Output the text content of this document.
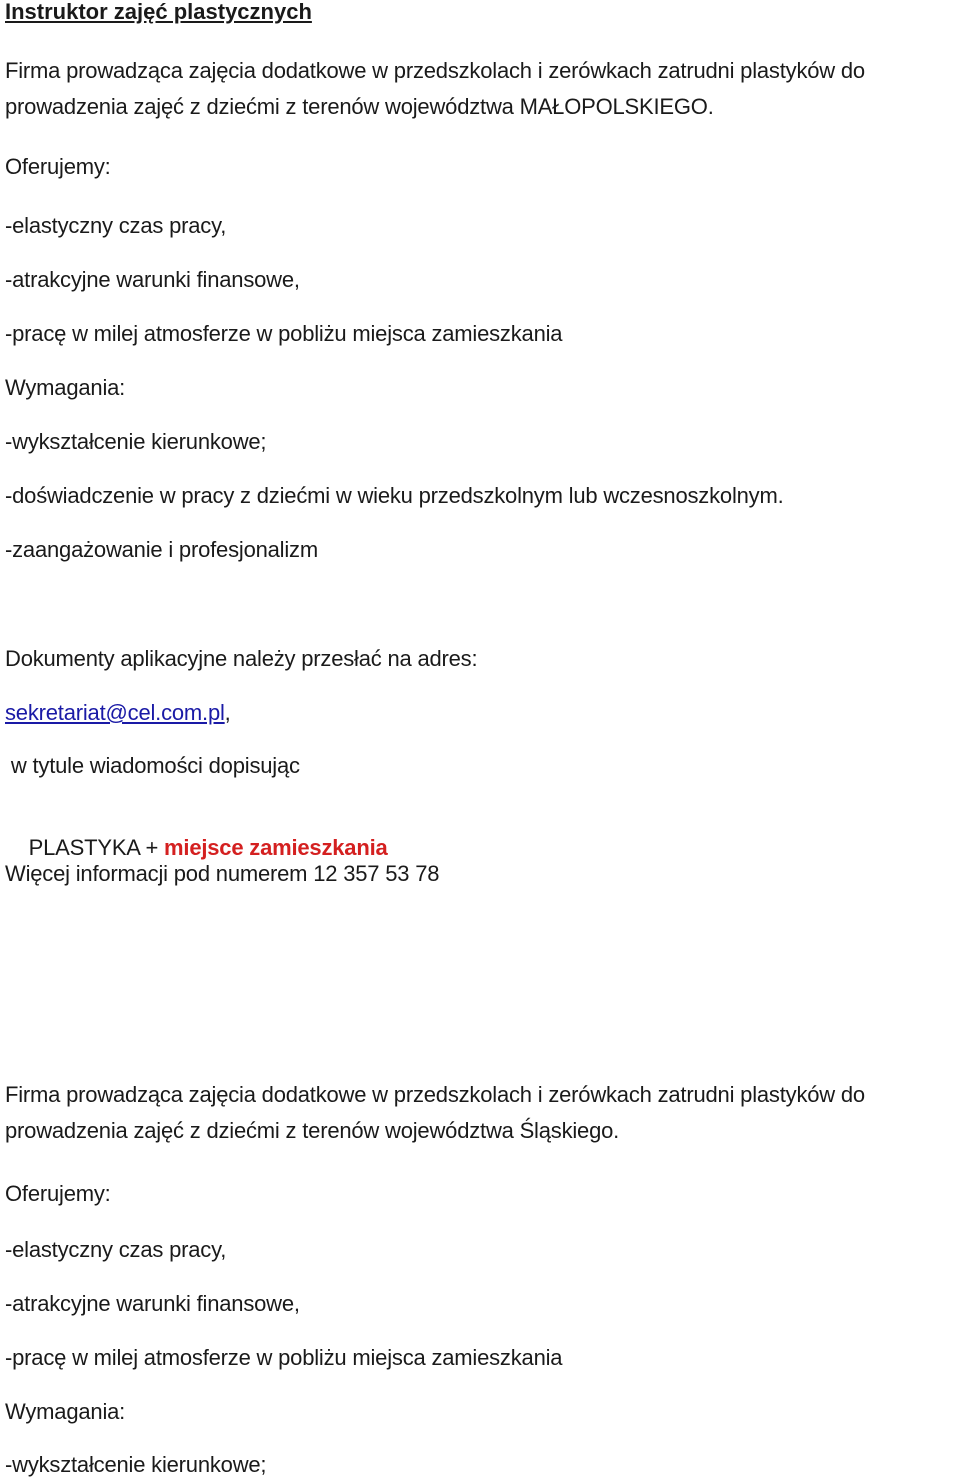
Instruktor zajęć plastycznych
Firma prowadząca zajęcia dodatkowe w przedszkolach i zerówkach zatrudni plastyków do prowadzenia zajęć z dziećmi z terenów województwa MAŁOPOLSKIEGO.
Oferujemy:
-elastyczny czas pracy,
-atrakcyjne warunki finansowe,
-pracę w milej atmosferze w pobliżu miejsca zamieszkania
Wymagania:
-wykształcenie kierunkowe;
-doświadczenie w pracy z dziećmi w wieku przedszkolnym lub wczesnoszkolnym.
-zaangażowanie i profesjonalizm
Dokumenty aplikacyjne należy przesłać na adres:
sekretariat@cel.com.pl,
w tytule wiadomości dopisując

PLASTYKA + miejsce zamieszkania

Więcej informacji pod numerem 12 357 53 78
Firma prowadząca zajęcia dodatkowe w przedszkolach i zerówkach zatrudni plastyków do prowadzenia zajęć z dziećmi z terenów województwa Śląskiego.
Oferujemy:
-elastyczny czas pracy,
-atrakcyjne warunki finansowe,
-pracę w milej atmosferze w pobliżu miejsca zamieszkania
Wymagania:
-wykształcenie kierunkowe;
